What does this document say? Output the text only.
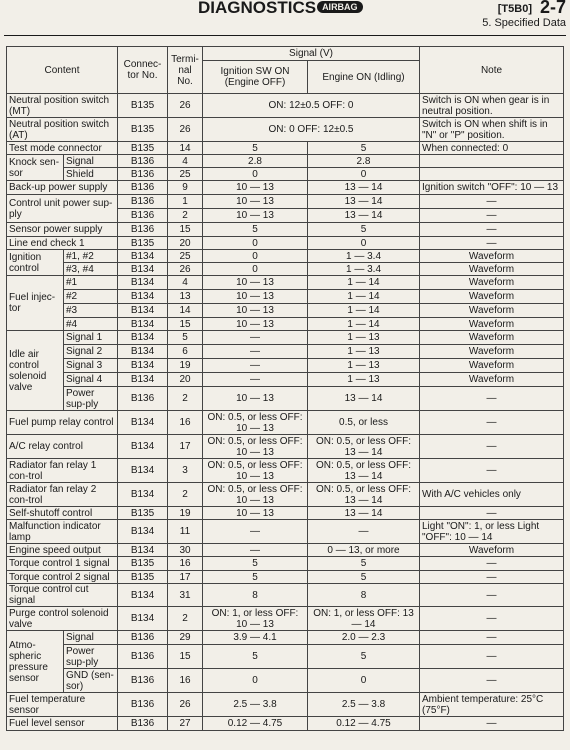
DIAGNOSTICS AIRBAG	[T5B0] 2-7
5. Specified Data
Content		Connec-tor No.	Termi-nal No.	Signal (V)		Note
				Ignition SW ON (Engine OFF)	Engine ON (Idling)	
Neutral position switch (MT)		B135	26	ON: 12±0.5 OFF: 0		Switch is ON when gear is in neutral position.
Neutral position switch (AT)		B135	26	ON: 0 OFF: 12±0.5		Switch is ON when shift is in "N" or "P" position.
Test mode connector		B135	14	5	5	When connected: 0
Knock sen-sor	Signal	B136	4	2.8	2.8	
	Shield	B136	25	0	0	
Back-up power supply		B136	9	10 — 13	13 — 14	Ignition switch "OFF": 10 — 13
Control unit power sup-ply		B136	1	10 — 13	13 — 14	—
		B136	2	10 — 13	13 — 14	—
Sensor power supply		B136	15	5	5	—
Line end check 1		B135	20	0	0	—
Ignition control	#1, #2	B134	25	0	1 — 3.4	Waveform
	#3, #4	B134	26	0	1 — 3.4	Waveform
Fuel injec-tor	#1	B134	4	10 — 13	1 — 14	Waveform
	#2	B134	13	10 — 13	1 — 14	Waveform
	#3	B134	14	10 — 13	1 — 14	Waveform
	#4	B134	15	10 — 13	1 — 14	Waveform
Idle air control solenoid valve	Signal 1	B134	5	—	1 — 13	Waveform
	Signal 2	B134	6	—	1 — 13	Waveform
	Signal 3	B134	19	—	1 — 13	Waveform
	Signal 4	B134	20	—	1 — 13	Waveform
	Power sup-ply	B136	2	10 — 13	13 — 14	—
Fuel pump relay control		B134	16	ON: 0.5, or less OFF: 10 — 13	0.5, or less	—
A/C relay control		B134	17	ON: 0.5, or less OFF: 10 — 13	ON: 0.5, or less OFF: 13 — 14	—
Radiator fan relay 1 con-trol		B134	3	ON: 0.5, or less OFF: 10 — 13	ON: 0.5, or less OFF: 13 — 14	—
Radiator fan relay 2 con-trol		B134	2	ON: 0.5, or less OFF: 10 — 13	ON: 0.5, or less OFF: 13 — 14	With A/C vehicles only
Self-shutoff control		B135	19	10 — 13	13 — 14	—
Malfunction indicator lamp		B134	11	—	—	Light "ON": 1, or less Light "OFF": 10 — 14
Engine speed output		B134	30	—	0 — 13, or more	Waveform
Torque control 1 signal		B135	16	5	5	—
Torque control 2 signal		B135	17	5	5	—
Torque control cut signal		B134	31	8	8	—
Purge control solenoid valve		B134	2	ON: 1, or less OFF: 10 — 13	ON: 1, or less OFF: 13 — 14	—
Atmo-spheric pressure sensor	Signal	B136	29	3.9 — 4.1	2.0 — 2.3	—
	Power sup-ply	B136	15	5	5	—
	GND (sen-sor)	B136	16	0	0	—
Fuel temperature sensor		B136	26	2.5 — 3.8	2.5 — 3.8	Ambient temperature: 25°C (75°F)
Fuel level sensor		B136	27	0.12 — 4.75	0.12 — 4.75	—
